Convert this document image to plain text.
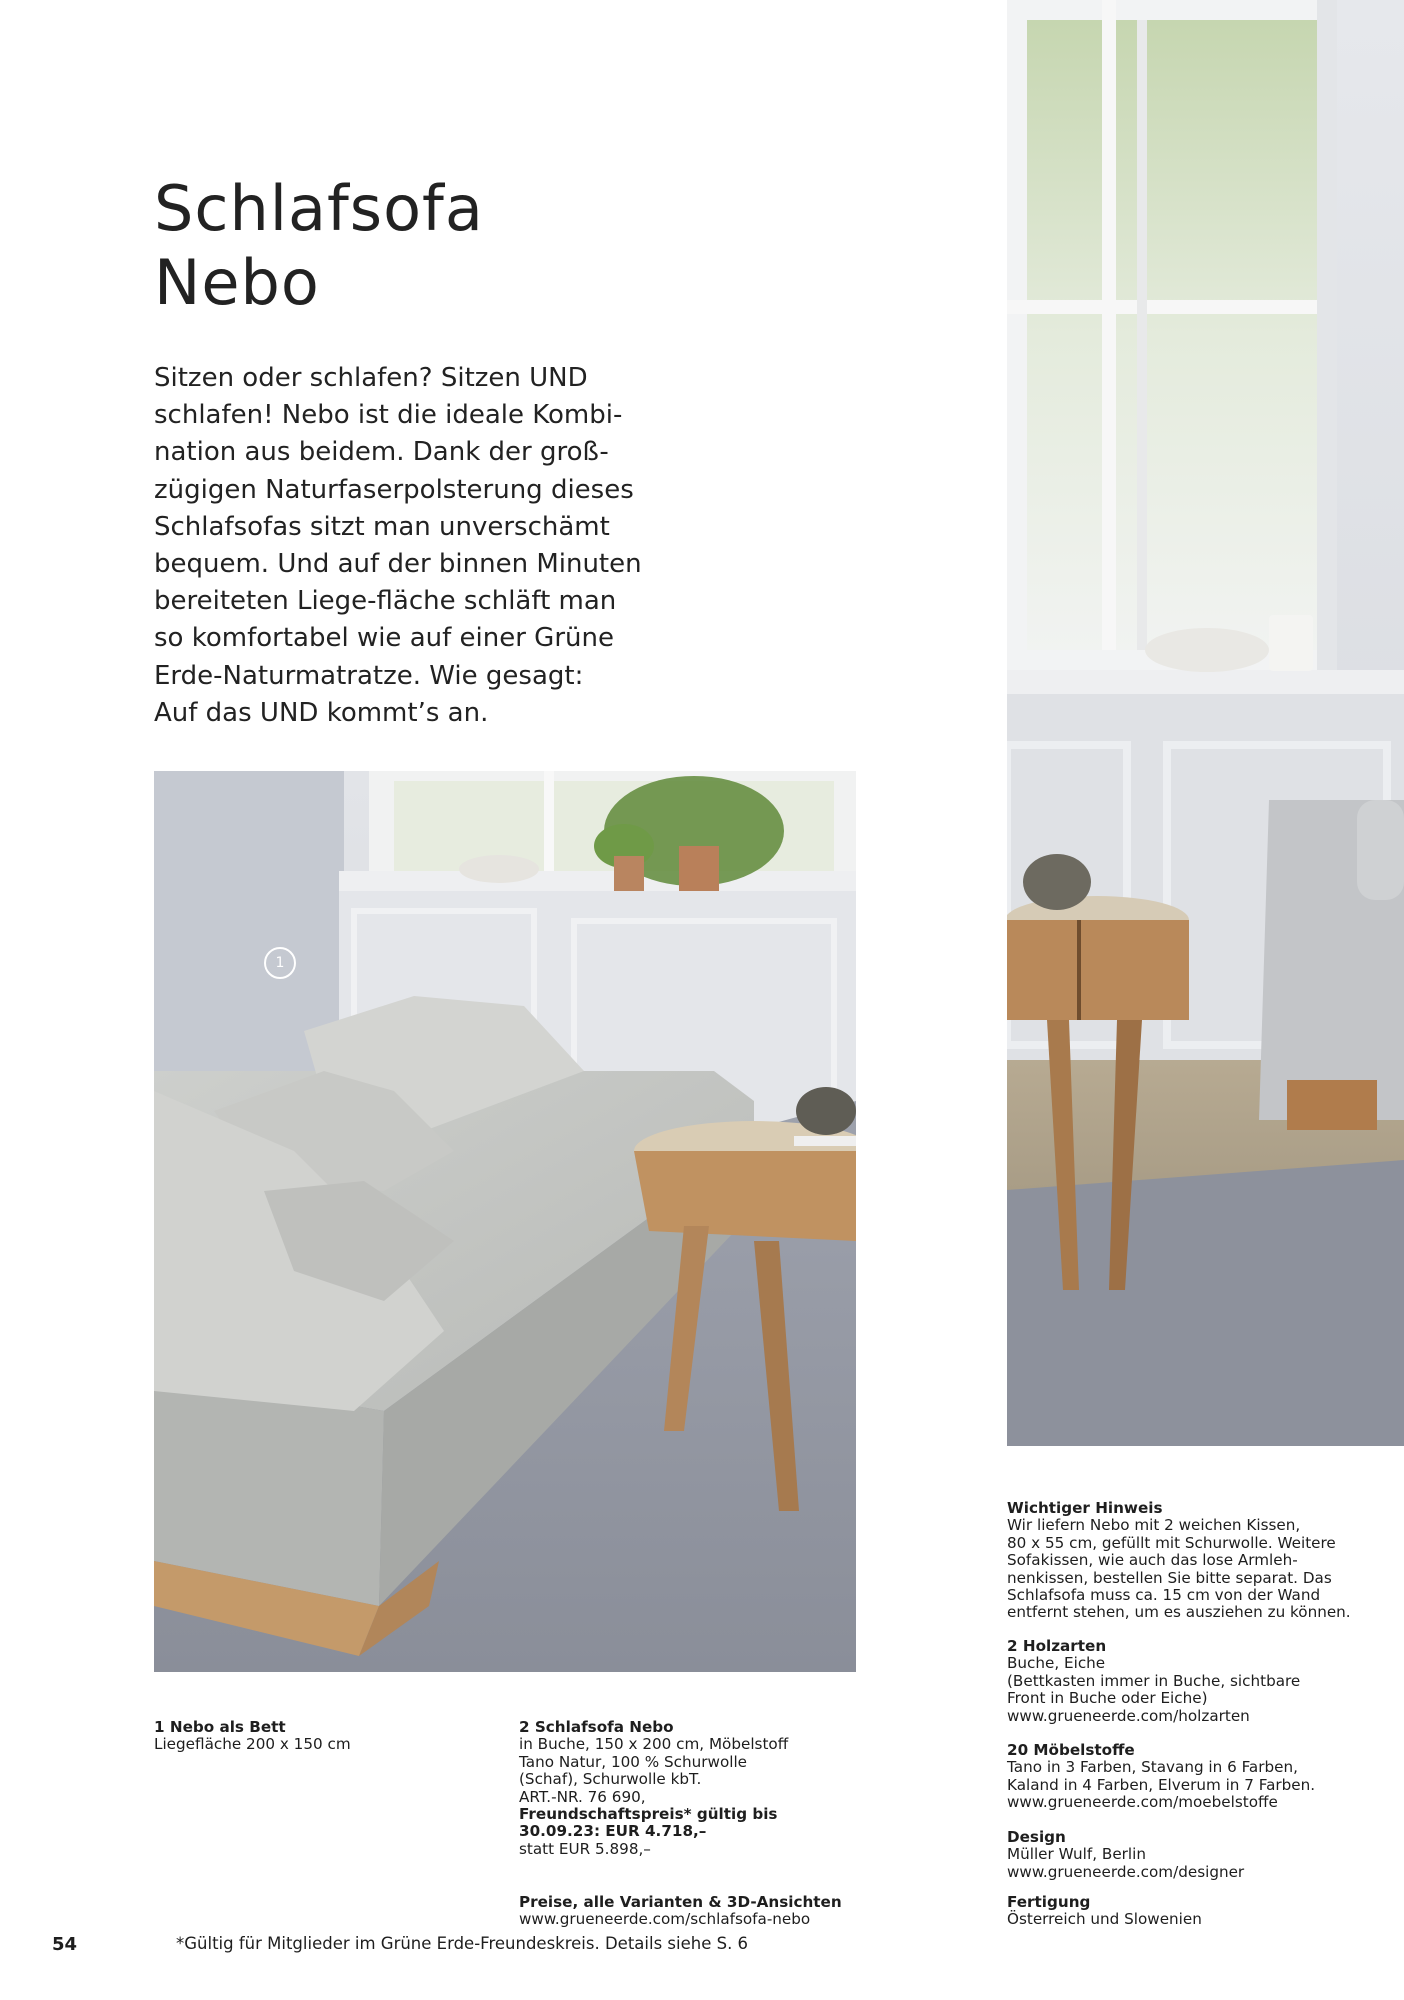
Schlafsofa
Nebo
Sitzen oder schlafen? Sitzen UND
schlafen! Nebo ist die ideale Kombi-
nation aus beidem. Dank der groß-
zügigen Naturfaserpolsterung dieses
Schlafsofas sitzt man unverschämt
bequem. Und auf der binnen Minuten
bereiteten Liege-fläche schläft man
so komfortabel wie auf einer Grüne
Erde-Naturmatratze. Wie gesagt:
Auf das UND kommt’s an.
1
1 Nebo als Bett
Liegefläche 200 x 150 cm
2 Schlafsofa Nebo
in Buche, 150 x 200 cm, Möbelstoff
Tano Natur, 100 % Schurwolle
(Schaf), Schurwolle kbT.
ART.-NR. 76 690,
Freundschaftspreis* gültig bis
30.09.23: EUR 4.718,–
statt EUR 5.898,–
Preise, alle Varianten & 3D-Ansichten
www.grueneerde.com/schlafsofa-nebo
Wichtiger Hinweis
Wir liefern Nebo mit 2 weichen Kissen,
80 x 55 cm, gefüllt mit Schurwolle. Weitere
Sofakissen, wie auch das lose Armleh-
nenkissen, bestellen Sie bitte separat. Das
Schlafsofa muss ca. 15 cm von der Wand
entfernt stehen, um es ausziehen zu können.
2 Holzarten
Buche, Eiche
(Bettkasten immer in Buche, sichtbare
Front in Buche oder Eiche)
www.grueneerde.com/holzarten
20 Möbelstoffe
Tano in 3 Farben, Stavang in 6 Farben,
Kaland in 4 Farben, Elverum in 7 Farben.
www.grueneerde.com/moebelstoffe
Design
Müller Wulf, Berlin
www.grueneerde.com/designer
Fertigung
Österreich und Slowenien
54	*Gültig für Mitglieder im Grüne Erde-Freundeskreis. Details siehe S. 6
